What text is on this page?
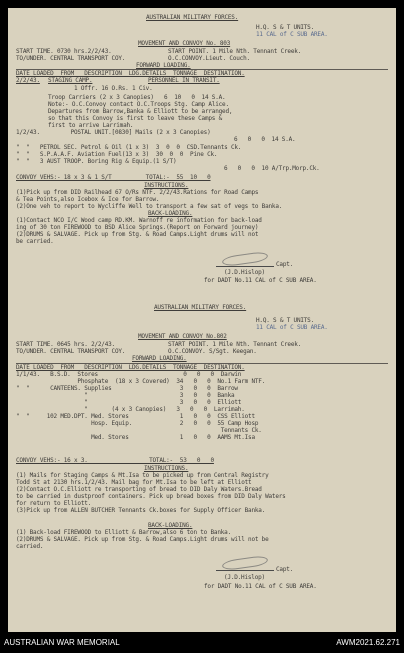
AUSTRALIAN MILITARY FORCES.
H.Q. S & T UNITS.
11 CAL of C SUB AREA.
MOVEMENT AND CONVOY No. 803
START TIME. 0730 hrs.2/2/43.	START POINT. 1 Mile Nth. Tennant Creek.
TO/UNDER. CENTRAL TRANSPORT COY.	O.C.CONVOY.Lieut. Couch.
FORWARD LOADING.
DATE LOADED  FROM   DESCRIPTION  LDG.DETAILS  TONNAGE  DESTINATION.
2/2/43. STAGING CAMP.	PERSONNEL IN TRANSIT.
1 Offr. 16 O.Rs. 1 Civ.
Troop Carriers (2 x 3 Canopies)   6  10   0  14 S.A.
Note:- O.C.Convoy contact O.C.Troops Stg. Camp Alice.
Departures from Barrow,Banka & Elliott to be arranged,
so that this Convoy is first to leave these Camps &
first to arrive Larrimah.
1/2/43.         POSTAL UNIT.[0830] Mails (2 x 3 Canopies)
6   0   0  14 S.A.
"  "   PETROL SEC. Petrol & Oil (1 x 3)  3  0  0  CSD.Tennants Ck.
"  "   S.P.A.A.F. Aviation Fuel(13 x 3)  30  0  0  Pine Ck.
"  "   3 AUST TROOP. Boring Rig & Equip.(1 S/T)
6   0   0  10 A/Trp.Morp.Ck.
CONVOY VEHS:- 18 x 3 & 1 S/T          TOTAL:-  55  10   0
INSTRUCTIONS.
(1)Pick up from DID Railhead 67 O/Rs NTF. 2/2/43.Rations for Road Camps
& Tea Points,also Icebox & Ice for Barrow.
(2)One veh to report to Wycliffe Well to transport a few sat of vegs to Banka.
BACK-LOADING.
(1)Contact NCO I/C Wood camp RD.KM. Warnoff re information for back-load
ing of 30 ton FIREWOOD to BSD Alice Springs.(Report on Forward journey)
(2)DRUMS & SALVAGE. Pick up from Stg. & Road Camps.Light drums will not
be carried.
Capt.
(J.D.Hislop)
for DADT No.11 CAL of C SUB AREA.
AUSTRALIAN MILITARY FORCES.
H.Q. S & T UNITS.
11 CAL of C SUB AREA.
MOVEMENT AND CONVOY No.802
START TIME. 0645 hrs. 2/2/43.	START POINT. 1 Mile Nth. Tennant Creek.
TO/UNDER. CENTRAL TRANSPORT COY.	O.C.CONVOY. S/Sgt. Keegan.
FORWARD LOADING.
DATE LOADED  FROM   DESCRIPTION  LDG.DETAILS  TONNAGE  DESTINATION.
1/1/43.   B.S.D.  Stores                         0   0   0  Darwin
Phosphate  (18 x 3 Covered)  34   0   0  No.1 Farm NTF.
"  "      CANTEENS. Supplies                    3   0   0  Barrow
"                           3   0   0  Banka
"                           3   0   0  Elliott
"       (4 x 3 Canopies)   3   0   0  Larrimah.
"  "     102 MED.DPT. Med. Stores               1   0   0  CSS Elliott
Hosp. Equip.              2   0   0  55 Camp Hosp
Tennants Ck.
Med. Stores               1   0   0  AAMS Mt.Isa
CONVOY VEHS:- 16 x 3.                  TOTAL:-  53   0   0
INSTRUCTIONS.
(1) Mails for Staging Camps & Mt.Isa to be picked up from Central Registry
Todd St at 2130 hrs.1/2/43. Mail bag for Mt.Isa to be left at Elliott
(2)Contact O.C.Elliott re transporting of bread to DID Daly Waters.Bread
to be carried in dustproof containers. Pick up bread boxes from DID Daly Waters
for return to Elliott.
(3)Pick up from ALLEN BUTCHER Tennants Ck.boxes for Supply Officer Banka.
BACK-LOADING.
(1) Back-load FIREWOOD to Elliott & Barrow,also 6 ton to Banka.
(2)DRUMS & SALVAGE. Pick up from Stg. & Road Camps.Light drums will not be
carried.
Capt.
(J.D.Hislop)
for DADT No.11 CAL of C SUB AREA.
AUSTRALIAN WAR MEMORIAL	AWM2021.62.271
